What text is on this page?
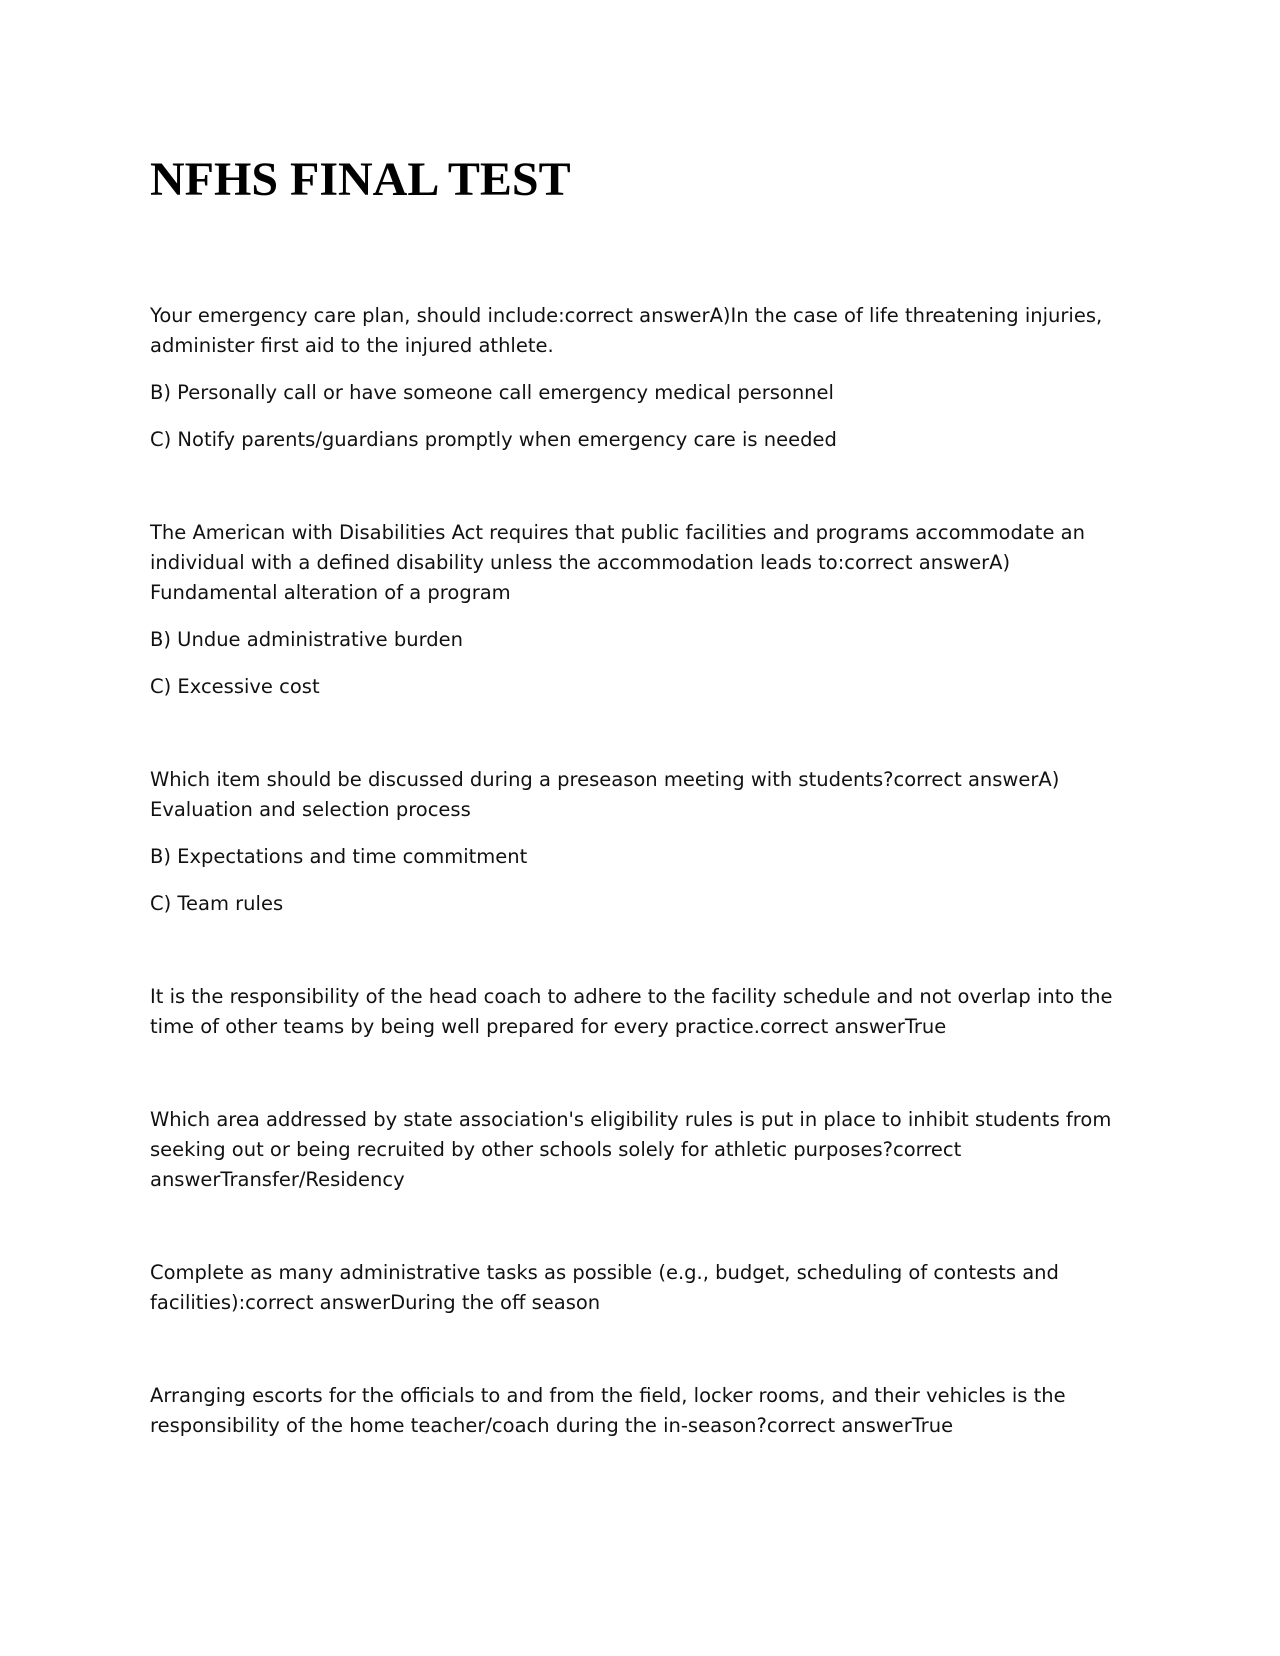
NFHS FINAL TEST

Your emergency care plan, should include:correct answerA)In the case of life threatening injuries, administer first aid to the injured athlete.

B) Personally call or have someone call emergency medical personnel

C) Notify parents/guardians promptly when emergency care is needed

The American with Disabilities Act requires that public facilities and programs accommodate an individual with a defined disability unless the accommodation leads to:correct answerA) Fundamental alteration of a program

B) Undue administrative burden

C) Excessive cost

Which item should be discussed during a preseason meeting with students?correct answerA) Evaluation and selection process

B) Expectations and time commitment

C) Team rules

It is the responsibility of the head coach to adhere to the facility schedule and not overlap into the time of other teams by being well prepared for every practice.correct answerTrue

Which area addressed by state association's eligibility rules is put in place to inhibit students from seeking out or being recruited by other schools solely for athletic purposes?correct answerTransfer/Residency

Complete as many administrative tasks as possible (e.g., budget, scheduling of contests and facilities):correct answerDuring the off season

Arranging escorts for the officials to and from the field, locker rooms, and their vehicles is the responsibility of the home teacher/coach during the in-season?correct answerTrue
